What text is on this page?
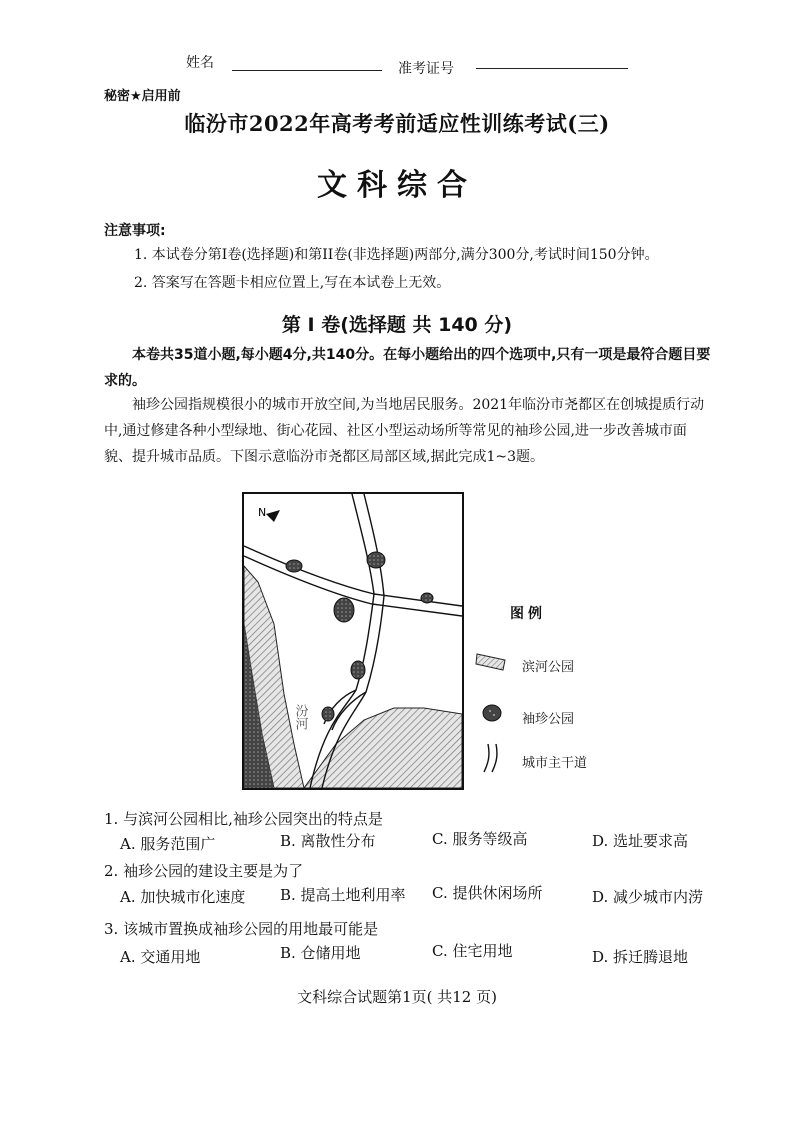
姓名	准考证号
秘密★启用前
临汾市2022年高考考前适应性训练考试(三)
文科综合
注意事项:
1. 本试卷分第I卷(选择题)和第II卷(非选择题)两部分,满分300分,考试时间150分钟。
2. 答案写在答题卡相应位置上,写在本试卷上无效。
第 I 卷(选择题 共 140 分)
本卷共35道小题,每小题4分,共140分。在每小题给出的四个选项中,只有一项是最符合题目要求的。
袖珍公园指规模很小的城市开放空间,为当地居民服务。2021年临汾市尧都区在创城提质行动中,通过修建各种小型绿地、街心花园、社区小型运动场所等常见的袖珍公园,进一步改善城市面貌、提升城市品质。下图示意临汾市尧都区局部区域,据此完成1~3题。
N
汾河
图例
滨河公园
袖珍公园
城市主干道
1. 与滨河公园相比,袖珍公园突出的特点是
A. 服务范围广	B. 离散性分布	C. 服务等级高	D. 选址要求高
2. 袖珍公园的建设主要是为了
A. 加快城市化速度 B. 提高土地利用率 C. 提供休闲场所	D. 减少城市内涝
3. 该城市置换成袖珍公园的用地最可能是
A. 交通用地	B. 仓储用地	C. 住宅用地	D. 拆迁腾退地
文科综合试题第1页( 共12 页)
